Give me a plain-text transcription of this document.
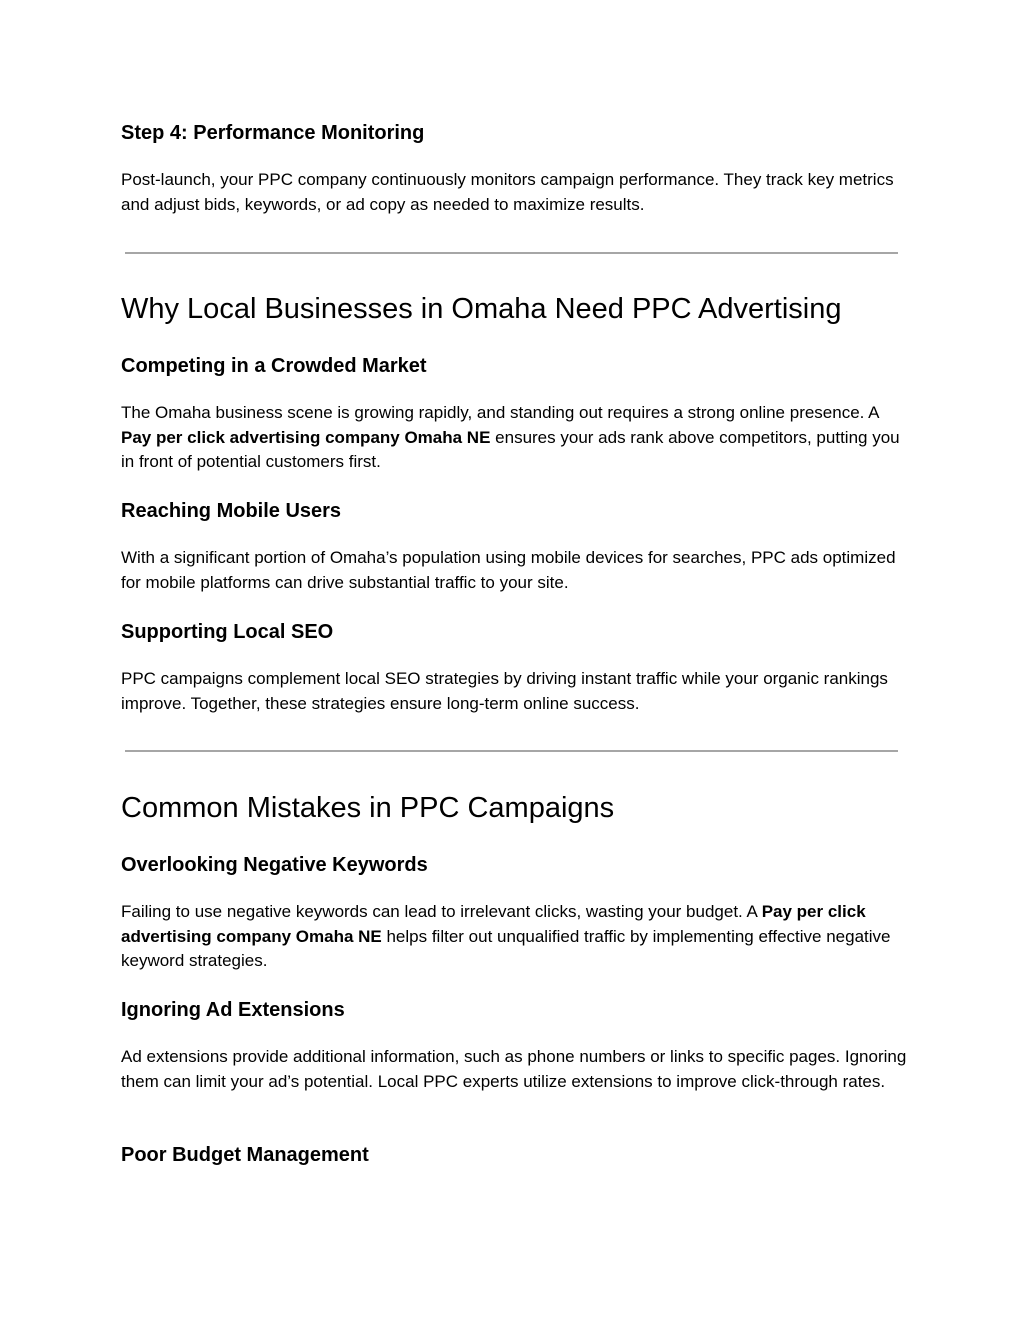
Step 4: Performance Monitoring

Post-launch, your PPC company continuously monitors campaign performance. They track key metrics and adjust bids, keywords, or ad copy as needed to maximize results.

Why Local Businesses in Omaha Need PPC Advertising
Competing in a Crowded Market

The Omaha business scene is growing rapidly, and standing out requires a strong online presence. A Pay per click advertising company Omaha NE ensures your ads rank above competitors, putting you in front of potential customers first.

Reaching Mobile Users

With a significant portion of Omaha’s population using mobile devices for searches, PPC ads optimized for mobile platforms can drive substantial traffic to your site.

Supporting Local SEO

PPC campaigns complement local SEO strategies by driving instant traffic while your organic rankings improve. Together, these strategies ensure long-term online success.

Common Mistakes in PPC Campaigns
Overlooking Negative Keywords

Failing to use negative keywords can lead to irrelevant clicks, wasting your budget. A Pay per click advertising company Omaha NE helps filter out unqualified traffic by implementing effective negative keyword strategies.

Ignoring Ad Extensions

Ad extensions provide additional information, such as phone numbers or links to specific pages. Ignoring them can limit your ad’s potential. Local PPC experts utilize extensions to improve click-through rates.

Poor Budget Management
